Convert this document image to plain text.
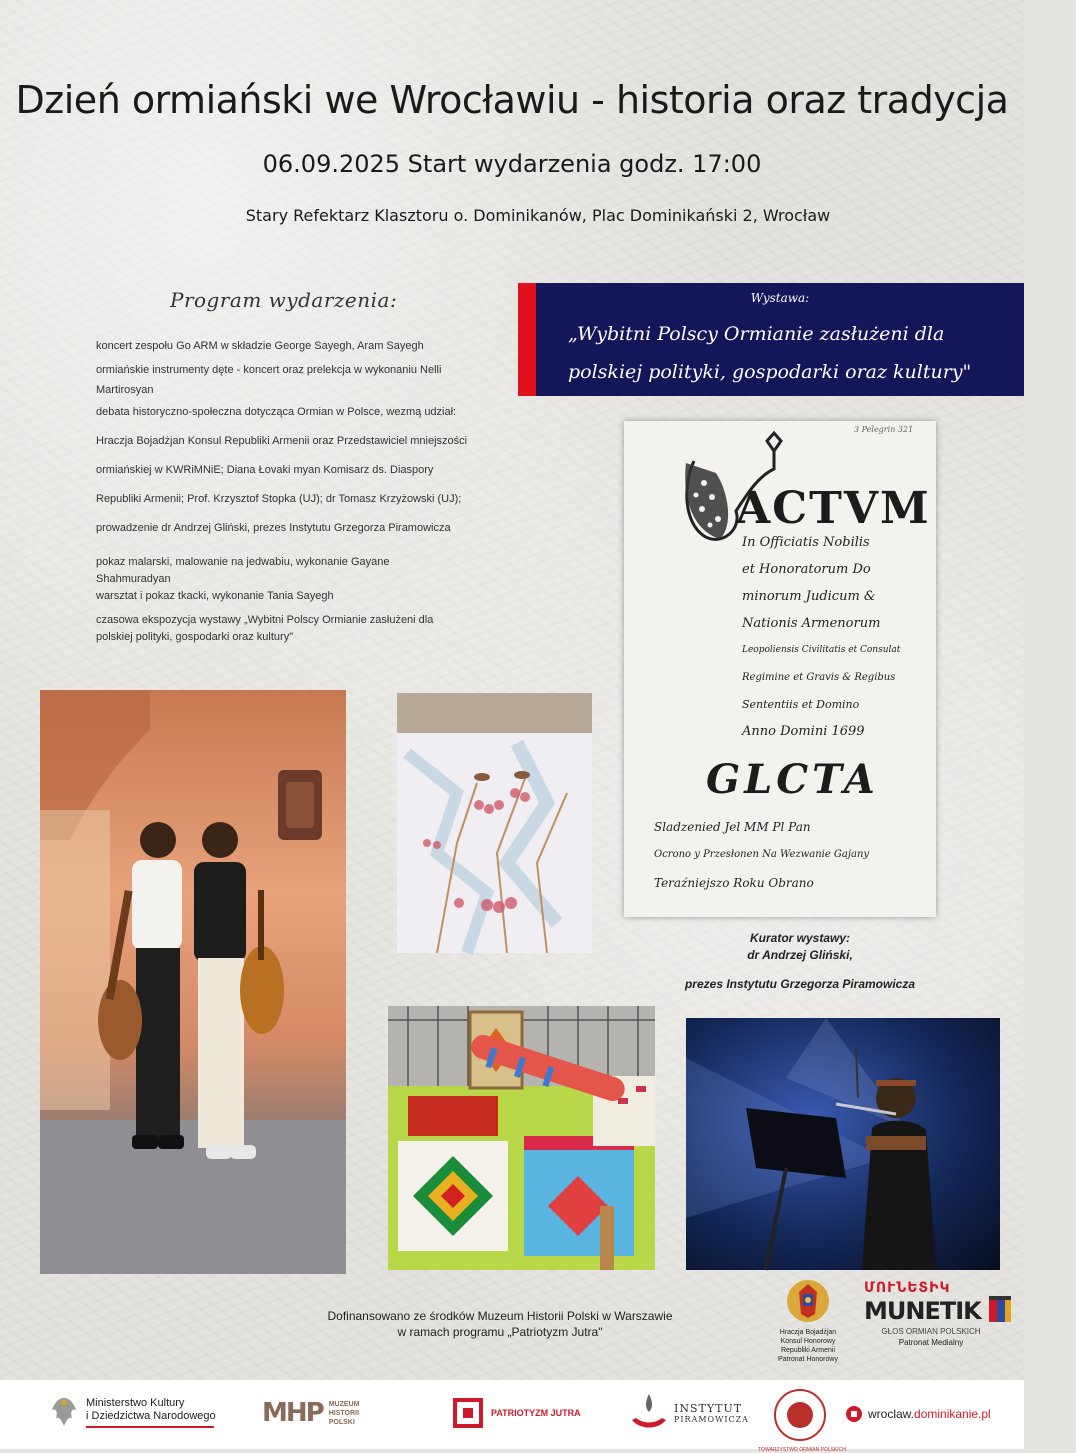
Dzień ormiański we Wrocławiu - historia oraz tradycja
06.09.2025 Start wydarzenia godz. 17:00
Stary Refektarz Klasztoru o. Dominikanów, Plac Dominikański 2, Wrocław
Program wydarzenia:
koncert zespołu Go ARM w składzie George Sayegh, Aram Sayegh
ormiańskie instrumenty dęte - koncert oraz prelekcja w wykonaniu Nelli
Martirosyan
debata historyczno-społeczna dotycząca Ormian w Polsce, wezmą udział:
Hraczja Bojadżjan Konsul Republiki Armenii oraz Przedstawiciel mniejszości
ormiańskiej w KWRiMNiE; Diana Łovaki myan Komisarz ds. Diaspory
Republiki Armenii; Prof. Krzysztof Stopka (UJ); dr Tomasz Krzyżowski (UJ);
prowadzenie dr Andrzej Gliński, prezes Instytutu Grzegorza Piramowicza
pokaz malarski, malowanie na jedwabiu, wykonanie Gayane
Shahmuradyan
warsztat i pokaz tkacki, wykonanie Tania Sayegh
czasowa ekspozycja wystawy „Wybitni Polscy Ormianie zasłużeni dla
polskiej polityki, gospodarki oraz kultury"
Wystawa:
„Wybitni Polscy Ormianie zasłużeni dla
polskiej polityki, gospodarki oraz kultury"
3 Pelegrin 321
ACTVM
In Officiatis Nobilis
et Honoratorum Do
minorum Judicum &
Nationis Armenorum
Leopoliensis Civilitatis et Consulat
Regimine et Gravis & Regibus
Sententiis et Domino
Anno Domini 1699
GLCTA
Sladzenied Jel MM Pl Pan
Ocrono y Przesłonen Na Wezwanie Gajany
Teraźniejszo Roku Obrano
Kurator wystawy:
dr Andrzej Gliński,
prezes Instytutu Grzegorza Piramowicza
Dofinansowano ze środków Muzeum Historii Polski w Warszawie
w ramach programu „Patriotyzm Jutra"	Hraczja Bojadżjan
Konsul Honorowy
Republiki Armenii
Patronat Honorowy
ՄՈՒՆԵՏԻԿ
MUNETIK
GŁOS ORMIAN POLSKICH
Patronat Medialny
Ministerstwo Kultury
i Dziedzictwa Narodowego MHP MUZEUM
HISTORII
POLSKI
PATRIOTYZM JUTRA	INSTYTUT
PIRAMOWICZA
TOWARZYSTWO ORMIAN POLSKICH
wroclaw.dominikanie.pl
